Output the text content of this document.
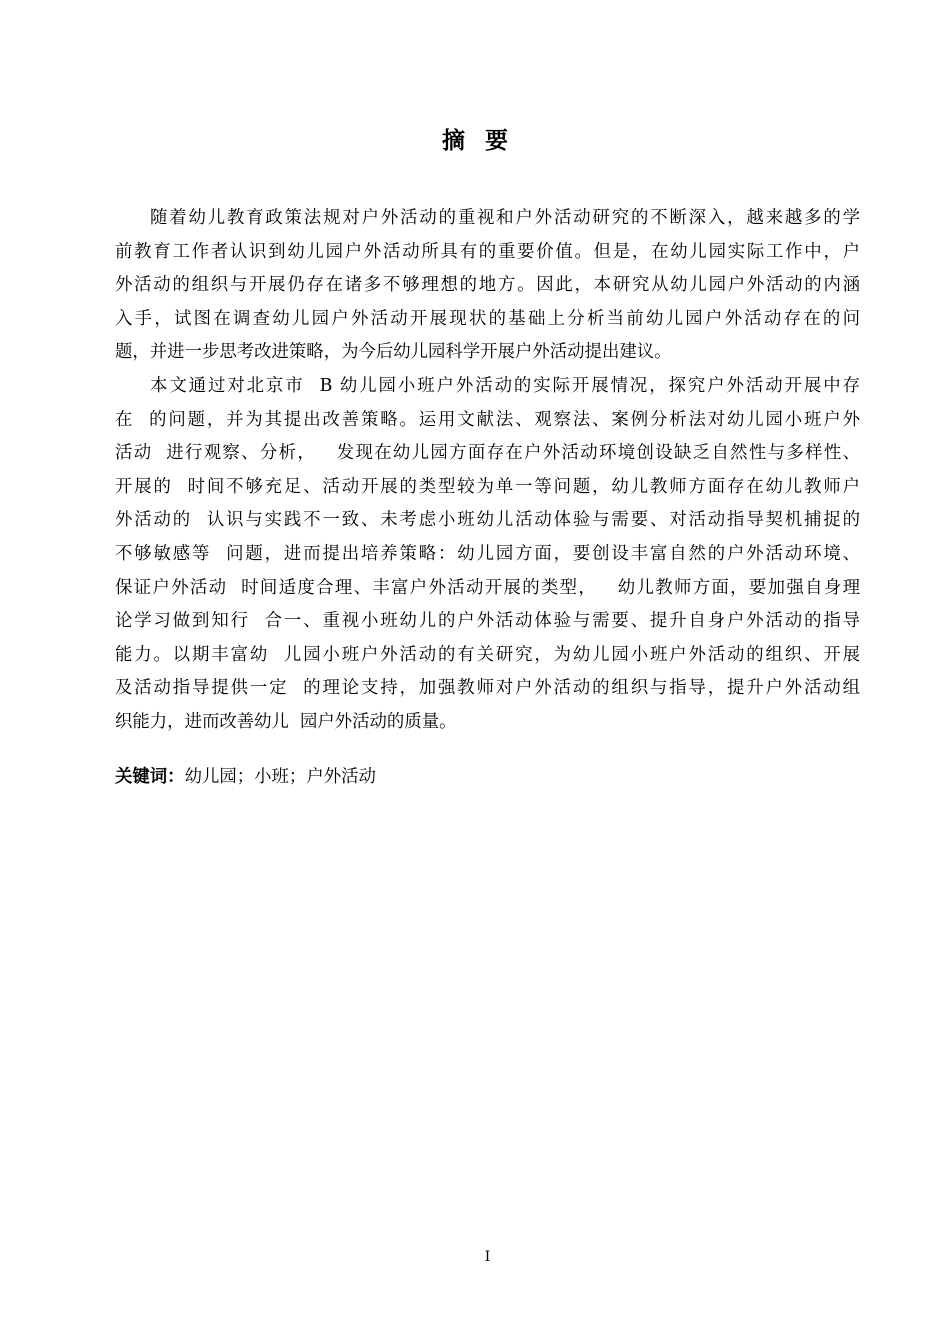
摘 要
随着幼儿教育政策法规对户外活动的重视和户外活动研究的不断深入，越来越多的学
前教育工作者认识到幼儿园户外活动所具有的重要价值。但是，在幼儿园实际工作中，户
外活动的组织与开展仍存在诸多不够理想的地方。因此，本研究从幼儿园户外活动的内涵
入手，试图在调查幼儿园户外活动开展现状的基础上分析当前幼儿园户外活动存在的问
题，并进一步思考改进策略，为今后幼儿园科学开展户外活动提出建议。
本文通过对北京市  B 幼儿园小班户外活动的实际开展情况，探究户外活动开展中存
在  的问题，并为其提出改善策略。运用文献法、观察法、案例分析法对幼儿园小班户外
活动  进行观察、分析，   发现在幼儿园方面存在户外活动环境创设缺乏自然性与多样性、
开展的  时间不够充足、活动开展的类型较为单一等问题，幼儿教师方面存在幼儿教师户
外活动的  认识与实践不一致、未考虑小班幼儿活动体验与需要、对活动指导契机捕捉的
不够敏感等  问题，进而提出培养策略：幼儿园方面，要创设丰富自然的户外活动环境、
保证户外活动  时间适度合理、丰富户外活动开展的类型，   幼儿教师方面，要加强自身理
论学习做到知行  合一、重视小班幼儿的户外活动体验与需要、提升自身户外活动的指导
能力。以期丰富幼  儿园小班户外活动的有关研究，为幼儿园小班户外活动的组织、开展
及活动指导提供一定  的理论支持，加强教师对户外活动的组织与指导，提升户外活动组
织能力，进而改善幼儿  园户外活动的质量。
关键词：幼儿园；小班；户外活动
I
